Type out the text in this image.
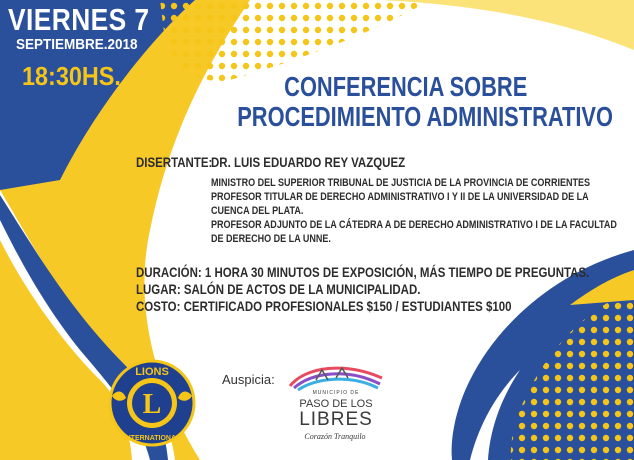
VIERNES 7
SEPTIEMBRE.2018
18:30HS.	CONFERENCIA SOBRE
PROCEDIMIENTO ADMINISTRATIVO
DISERTANTE:
DR. LUIS EDUARDO REY VAZQUEZ
MINISTRO DEL SUPERIOR TRIBUNAL DE JUSTICIA DE LA PROVINCIA DE CORRIENTES
PROFESOR TITULAR DE DERECHO ADMINISTRATIVO I Y II DE LA UNIVERSIDAD DE LA
CUENCA DEL PLATA.
PROFESOR ADJUNTO DE LA CÁTEDRA A DE DERECHO ADMINISTRATIVO I DE LA FACULTAD
DE DERECHO DE LA UNNE.
DURACIÓN: 1 HORA 30 MINUTOS DE EXPOSICIÓN, MÁS TIEMPO DE PREGUNTAS.
LUGAR: SALÓN DE ACTOS DE LA MUNICIPALIDAD.
COSTO: CERTIFICADO PROFESIONALES $150 / ESTUDIANTES $100
L
LIONS
INTERNATIONAL
Auspicia:
MUNICIPIO DE
PASO DE LOS
LIBRES
Corazón Tranquilo
